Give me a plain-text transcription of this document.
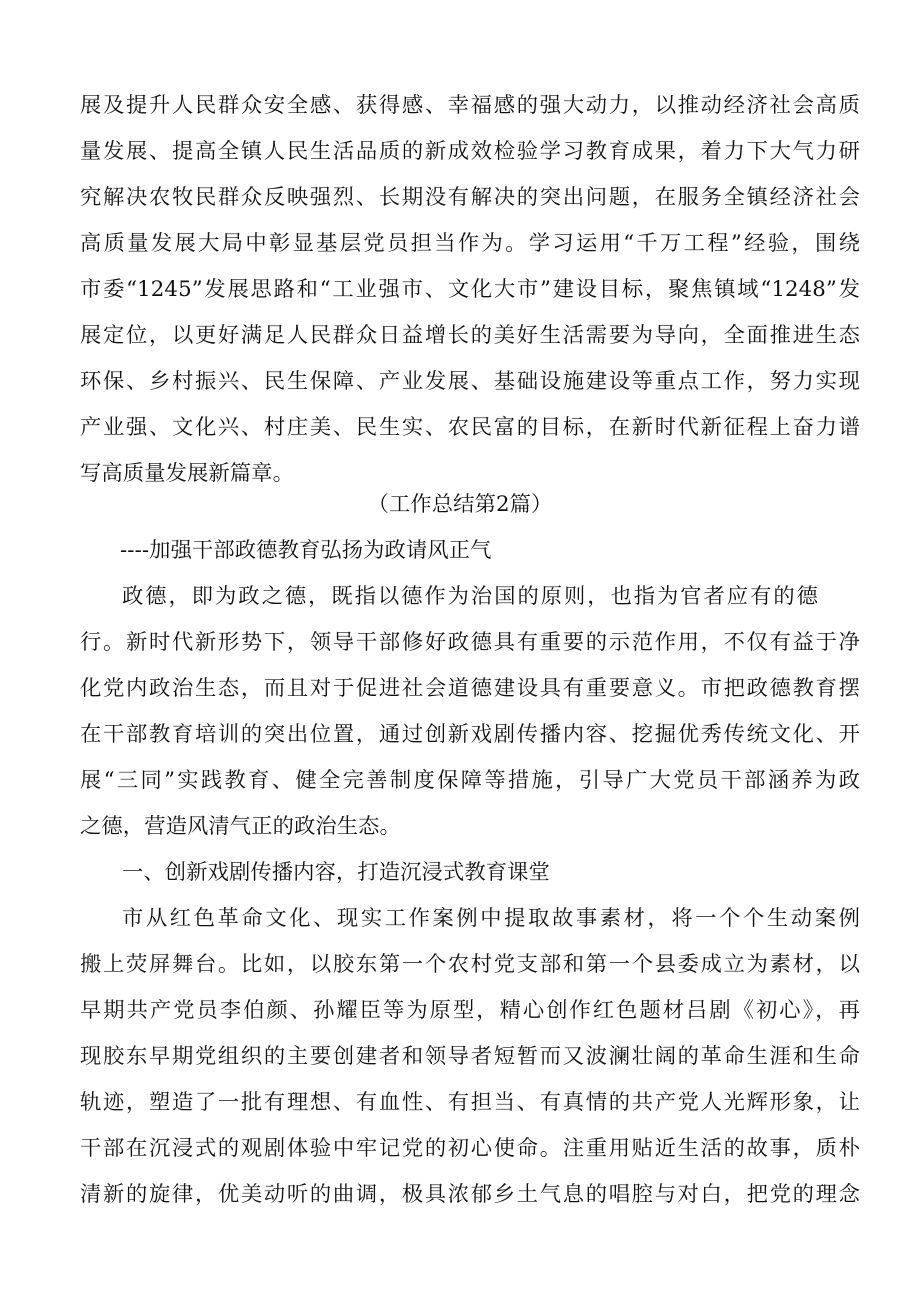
展及提升人民群众安全感、获得感、幸福感的强大动力，以推动经济社会高质
量发展、提高全镇人民生活品质的新成效检验学习教育成果，着力下大气力研
究解决农牧民群众反映强烈、长期没有解决的突出问题，在服务全镇经济社会
高质量发展大局中彰显基层党员担当作为。学习运用“千万工程”经验，围绕
市委“1245”发展思路和“工业强市、文化大市”建设目标，聚焦镇域“1248”发
展定位，以更好满足人民群众日益增长的美好生活需要为导向，全面推进生态
环保、乡村振兴、民生保障、产业发展、基础设施建设等重点工作，努力实现
产业强、文化兴、村庄美、民生实、农民富的目标，在新时代新征程上奋力谱
写高质量发展新篇章。
（工作总结第2篇）
----加强干部政德教育弘扬为政请风正气
政德，即为政之德，既指以德作为治国的原则，也指为官者应有的德
行。新时代新形势下，领导干部修好政德具有重要的示范作用，不仅有益于净
化党内政治生态，而且对于促进社会道德建设具有重要意义。市把政德教育摆
在干部教育培训的突出位置，通过创新戏剧传播内容、挖掘优秀传统文化、开
展“三同”实践教育、健全完善制度保障等措施，引导广大党员干部涵养为政
之德，营造风清气正的政治生态。
一、创新戏剧传播内容，打造沉浸式教育课堂
市从红色革命文化、现实工作案例中提取故事素材，将一个个生动案例
搬上荧屏舞台。比如，以胶东第一个农村党支部和第一个县委成立为素材，以
早期共产党员李伯颜、孙耀臣等为原型，精心创作红色题材吕剧《初心》，再
现胶东早期党组织的主要创建者和领导者短暂而又波澜壮阔的革命生涯和生命
轨迹，塑造了一批有理想、有血性、有担当、有真情的共产党人光辉形象，让
干部在沉浸式的观剧体验中牢记党的初心使命。注重用贴近生活的故事，质朴
清新的旋律，优美动听的曲调，极具浓郁乡土气息的唱腔与对白，把党的理念
